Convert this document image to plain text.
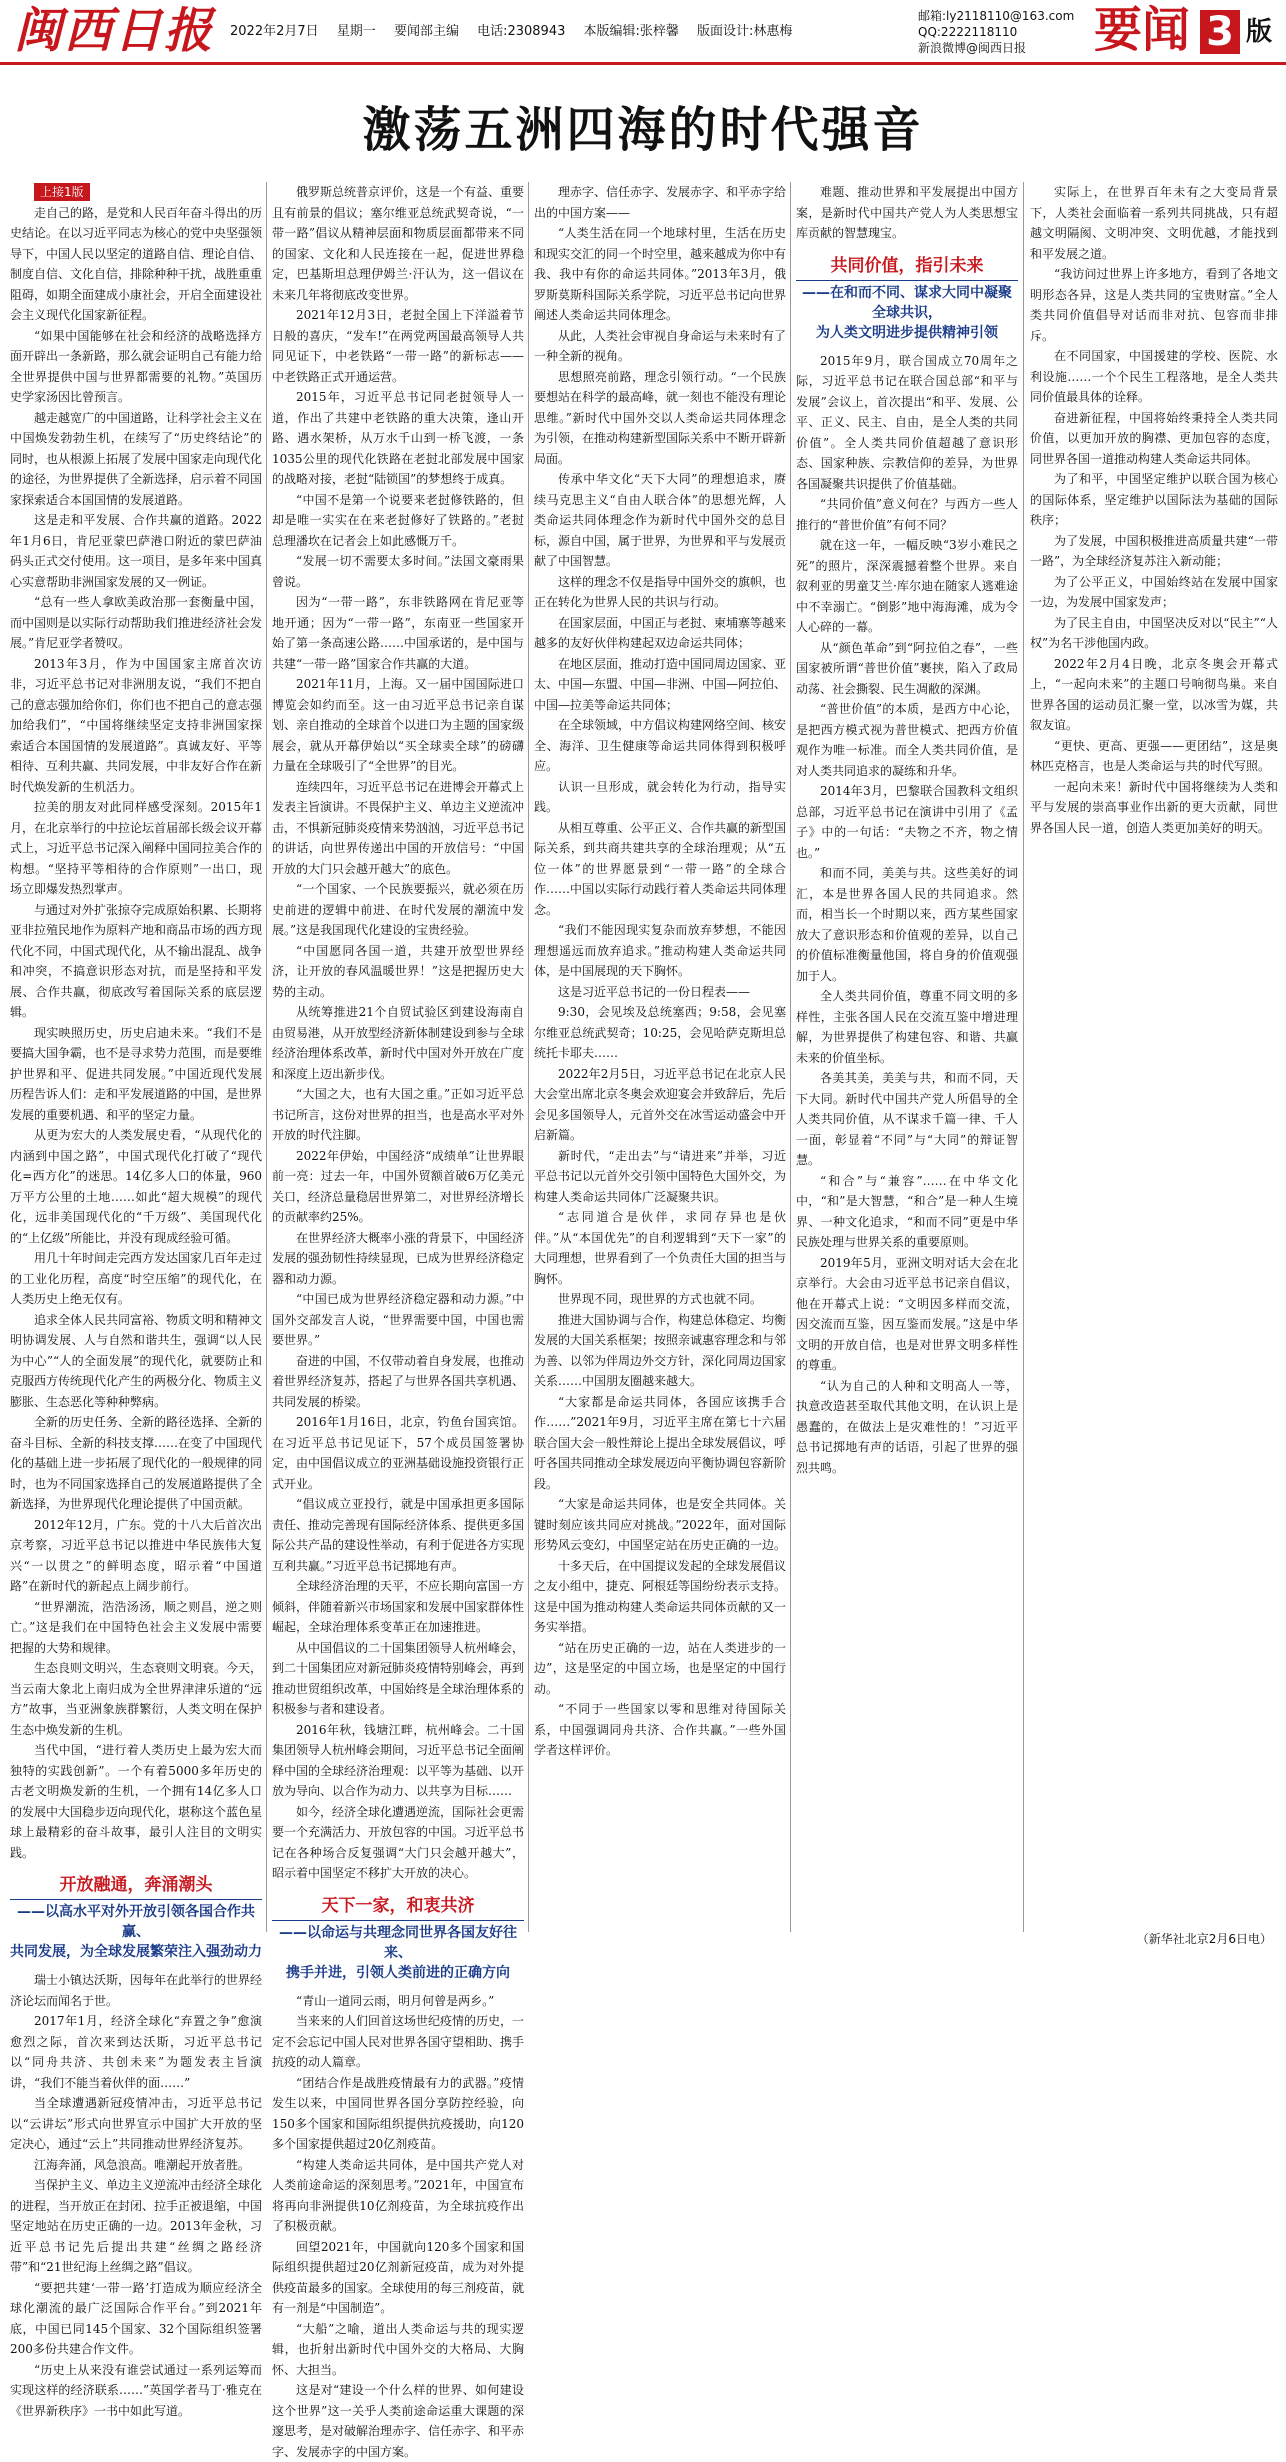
闽西日报 2022年2月7日 星期一 要闻部主编 电话:2308943 本版编辑:张梓馨 版面设计:林惠梅
邮箱:ly2118110@163.com
QQ:2222118110
新浪微博@闽西日报	要闻 3 版
激荡五洲四海的时代强音

上接1版

走自己的路，是党和人民百年奋斗得出的历史结论。在以习近平同志为核心的党中央坚强领导下，中国人民以坚定的道路自信、理论自信、制度自信、文化自信，排除种种干扰，战胜重重阻碍，如期全面建成小康社会，开启全面建设社会主义现代化国家新征程。

“如果中国能够在社会和经济的战略选择方面开辟出一条新路，那么就会证明自己有能力给全世界提供中国与世界都需要的礼物。”英国历史学家汤因比曾预言。

越走越宽广的中国道路，让科学社会主义在中国焕发勃勃生机，在续写了“历史终结论”的同时，也从根源上拓展了发展中国家走向现代化的途径，为世界提供了全新选择，启示着不同国家探索适合本国国情的发展道路。

这是走和平发展、合作共赢的道路。2022年1月6日，肯尼亚蒙巴萨港口附近的蒙巴萨油码头正式交付使用。这一项目，是多年来中国真心实意帮助非洲国家发展的又一例证。

“总有一些人拿欧美政治那一套衡量中国，而中国则是以实际行动帮助我们推进经济社会发展。”肯尼亚学者赞叹。

2013年3月，作为中国国家主席首次访非，习近平总书记对非洲朋友说，“我们不把自己的意志强加给你们，你们也不把自己的意志强加给我们”，“中国将继续坚定支持非洲国家探索适合本国国情的发展道路”。真诚友好、平等相待、互利共赢、共同发展，中非友好合作在新时代焕发新的生机活力。

拉美的朋友对此同样感受深刻。2015年1月，在北京举行的中拉论坛首届部长级会议开幕式上，习近平总书记深入阐释中国同拉美合作的构想。“坚持平等相待的合作原则”一出口，现场立即爆发热烈掌声。

与通过对外扩张掠夺完成原始积累、长期将亚非拉殖民地作为原料产地和商品市场的西方现代化不同，中国式现代化，从不输出混乱、战争和冲突，不搞意识形态对抗，而是坚持和平发展、合作共赢，彻底改写着国际关系的底层逻辑。

现实映照历史，历史启迪未来。“我们不是要搞大国争霸，也不是寻求势力范围，而是要维护世界和平、促进共同发展。”中国近现代发展历程告诉人们：走和平发展道路的中国，是世界发展的重要机遇、和平的坚定力量。

从更为宏大的人类发展史看，“从现代化的内涵到中国之路”，中国式现代化打破了“现代化=西方化”的迷思。14亿多人口的体量，960万平方公里的土地……如此“超大规模”的现代化，远非美国现代化的“千万级”、美国现代化的“上亿级”所能比，并没有现成经验可循。

用几十年时间走完西方发达国家几百年走过的工业化历程，高度“时空压缩”的现代化，在人类历史上绝无仅有。

追求全体人民共同富裕、物质文明和精神文明协调发展、人与自然和谐共生，强调“以人民为中心”“人的全面发展”的现代化，就要防止和克服西方传统现代化产生的两极分化、物质主义膨胀、生态恶化等种种弊病。

全新的历史任务、全新的路径选择、全新的奋斗目标、全新的科技支撑……在变了中国现代化的基础上进一步拓展了现代化的一般规律的同时，也为不同国家选择自己的发展道路提供了全新选择，为世界现代化理论提供了中国贡献。

2012年12月，广东。党的十八大后首次出京考察，习近平总书记以推进中华民族伟大复兴“一以贯之”的鲜明态度，昭示着“中国道路”在新时代的新起点上阔步前行。

“世界潮流，浩浩汤汤，顺之则昌，逆之则亡。”这是我们在中国特色社会主义发展中需要把握的大势和规律。

生态良则文明兴，生态衰则文明衰。今天，当云南大象北上南归成为全世界津津乐道的“远方”故事，当亚洲象族群繁衍，人类文明在保护生态中焕发新的生机。

当代中国，“进行着人类历史上最为宏大而独特的实践创新”。一个有着5000多年历史的古老文明焕发新的生机，一个拥有14亿多人口的发展中大国稳步迈向现代化，堪称这个蓝色星球上最精彩的奋斗故事，最引人注目的文明实践。

开放融通，奔涌潮头
——以高水平对外开放引领各国合作共赢、
共同发展，为全球发展繁荣注入强劲动力

瑞士小镇达沃斯，因每年在此举行的世界经济论坛而闻名于世。

2017年1月，经济全球化“弃置之争”愈演愈烈之际，首次来到达沃斯，习近平总书记以“同舟共济、共创未来”为题发表主旨演讲，“我们不能当着伙伴的面……”

当全球遭遇新冠疫情冲击，习近平总书记以“云讲坛”形式向世界宣示中国扩大开放的坚定决心，通过“云上”共同推动世界经济复苏。

江海奔涌，风急浪高。唯潮起开放者胜。

当保护主义、单边主义逆流冲击经济全球化的进程，当开放正在封闭、拉手正被退缩，中国坚定地站在历史正确的一边。2013年金秋，习近平总书记先后提出共建“丝绸之路经济带”和“21世纪海上丝绸之路”倡议。

“要把共建‘一带一路’打造成为顺应经济全球化潮流的最广泛国际合作平台。”到2021年底，中国已同145个国家、32个国际组织签署200多份共建合作文件。

“历史上从来没有谁尝试通过一系列运筹而实现这样的经济联系……”英国学者马丁·雅克在《世界新秩序》一书中如此写道。

俄罗斯总统普京评价，这是一个有益、重要且有前景的倡议；塞尔维亚总统武契奇说，“一带一路”倡议从精神层面和物质层面都带来不同的国家、文化和人民连接在一起，促进世界稳定，巴基斯坦总理伊姆兰·汗认为，这一倡议在未来几年将彻底改变世界。

2021年12月3日，老挝全国上下洋溢着节日般的喜庆，“发车!”在两党两国最高领导人共同见证下，中老铁路“一带一路”的新标志——中老铁路正式开通运营。

2015年，习近平总书记同老挝领导人一道，作出了共建中老铁路的重大决策，逢山开路、遇水架桥，从万水千山到一桥飞渡，一条1035公里的现代化铁路在老挝北部发展中国家的战略对接，老挝“陆锁国”的梦想终于成真。

“中国不是第一个说要来老挝修铁路的，但却是唯一实实在在来老挝修好了铁路的。”老挝总理潘坎在记者会上如此感慨万千。

“发展一切不需要太多时间。”法国文豪雨果曾说。

因为“一带一路”，东非铁路网在肯尼亚等地开通；因为“一带一路”，东南亚一些国家开始了第一条高速公路……中国承诺的，是中国与共建“一带一路”国家合作共赢的大道。

2021年11月，上海。又一届中国国际进口博览会如约而至。这一由习近平总书记亲自谋划、亲自推动的全球首个以进口为主题的国家级展会，就从开幕伊始以“买全球卖全球”的磅礴力量在全球吸引了“全世界”的目光。

连续四年，习近平总书记在进博会开幕式上发表主旨演讲。不畏保护主义、单边主义逆流冲击，不惧新冠肺炎疫情来势汹汹，习近平总书记的讲话，向世界传递出中国的开放信号：“中国开放的大门只会越开越大”的底色。

“一个国家、一个民族要振兴，就必须在历史前进的逻辑中前进、在时代发展的潮流中发展。”这是我国现代化建设的宝贵经验。

“中国愿同各国一道，共建开放型世界经济，让开放的春风温暖世界！”这是把握历史大势的主动。

从统筹推进21个自贸试验区到建设海南自由贸易港，从开放型经济新体制建设到参与全球经济治理体系改革，新时代中国对外开放在广度和深度上迈出新步伐。

“大国之大，也有大国之重。”正如习近平总书记所言，这份对世界的担当，也是高水平对外开放的时代注脚。

2022年伊始，中国经济“成绩单”让世界眼前一亮：过去一年，中国外贸额首破6万亿美元关口，经济总量稳居世界第二，对世界经济增长的贡献率约25%。

在世界经济大概率小涨的背景下，中国经济发展的强劲韧性持续显现，已成为世界经济稳定器和动力源。

“中国已成为世界经济稳定器和动力源。”中国外交部发言人说，“世界需要中国，中国也需要世界。”

奋进的中国，不仅带动着自身发展，也推动着世界经济复苏，搭起了与世界各国共享机遇、共同发展的桥梁。

2016年1月16日，北京，钓鱼台国宾馆。在习近平总书记见证下，57个成员国签署协定，由中国倡议成立的亚洲基础设施投资银行正式开业。

“倡议成立亚投行，就是中国承担更多国际责任、推动完善现有国际经济体系、提供更多国际公共产品的建设性举动，有利于促进各方实现互利共赢。”习近平总书记掷地有声。

全球经济治理的天平，不应长期向富国一方倾斜，伴随着新兴市场国家和发展中国家群体性崛起，全球治理体系变革正在加速推进。

从中国倡议的二十国集团领导人杭州峰会，到二十国集团应对新冠肺炎疫情特别峰会，再到推动世贸组织改革，中国始终是全球治理体系的积极参与者和建设者。

2016年秋，钱塘江畔，杭州峰会。二十国集团领导人杭州峰会期间，习近平总书记全面阐释中国的全球经济治理观：以平等为基础、以开放为导向、以合作为动力、以共享为目标……

如今，经济全球化遭遇逆流，国际社会更需要一个充满活力、开放包容的中国。习近平总书记在各种场合反复强调“大门只会越开越大”，昭示着中国坚定不移扩大开放的决心。

天下一家，和衷共济
——以命运与共理念同世界各国友好往来、
携手并进，引领人类前进的正确方向

“青山一道同云雨，明月何曾是两乡。”

当来来的人们回首这场世纪疫情的历史，一定不会忘记中国人民对世界各国守望相助、携手抗疫的动人篇章。

“团结合作是战胜疫情最有力的武器。”疫情发生以来，中国同世界各国分享防控经验，向150多个国家和国际组织提供抗疫援助，向120多个国家提供超过20亿剂疫苗。

“构建人类命运共同体，是中国共产党人对人类前途命运的深刻思考。”2021年，中国宣布将再向非洲提供10亿剂疫苗，为全球抗疫作出了积极贡献。

回望2021年，中国就向120多个国家和国际组织提供超过20亿剂新冠疫苗，成为对外提供疫苗最多的国家。全球使用的每三剂疫苗，就有一剂是“中国制造”。

“大船”之喻，道出人类命运与共的现实逻辑，也折射出新时代中国外交的大格局、大胸怀、大担当。

这是对“建设一个什么样的世界、如何建设这个世界”这一关乎人类前途命运重大课题的深邃思考，是对破解治理赤字、信任赤字、和平赤字、发展赤字的中国方案。

理赤字、信任赤字、发展赤字、和平赤字给出的中国方案——

“人类生活在同一个地球村里，生活在历史和现实交汇的同一个时空里，越来越成为你中有我、我中有你的命运共同体。”2013年3月，俄罗斯莫斯科国际关系学院，习近平总书记向世界阐述人类命运共同体理念。

从此，人类社会审视自身命运与未来时有了一种全新的视角。

思想照亮前路，理念引领行动。“一个民族要想站在科学的最高峰，就一刻也不能没有理论思维。”新时代中国外交以人类命运共同体理念为引领，在推动构建新型国际关系中不断开辟新局面。

传承中华文化“天下大同”的理想追求，赓续马克思主义“自由人联合体”的思想光辉，人类命运共同体理念作为新时代中国外交的总目标，源自中国，属于世界，为世界和平与发展贡献了中国智慧。

这样的理念不仅是指导中国外交的旗帜，也正在转化为世界人民的共识与行动。

在国家层面，中国正与老挝、柬埔寨等越来越多的友好伙伴构建起双边命运共同体；

在地区层面，推动打造中国同周边国家、亚太、中国—东盟、中国—非洲、中国—阿拉伯、中国—拉美等命运共同体；

在全球领域，中方倡议构建网络空间、核安全、海洋、卫生健康等命运共同体得到积极呼应。

认识一旦形成，就会转化为行动，指导实践。

从相互尊重、公平正义、合作共赢的新型国际关系，到共商共建共享的全球治理观；从“五位一体”的世界愿景到“一带一路”的全球合作……中国以实际行动践行着人类命运共同体理念。

“我们不能因现实复杂而放弃梦想，不能因理想遥远而放弃追求。”推动构建人类命运共同体，是中国展现的天下胸怀。

这是习近平总书记的一份日程表——

9:30，会见埃及总统塞西；9:58，会见塞尔维亚总统武契奇；10:25，会见哈萨克斯坦总统托卡耶夫……

2022年2月5日，习近平总书记在北京人民大会堂出席北京冬奥会欢迎宴会并致辞后，先后会见多国领导人，元首外交在冰雪运动盛会中开启新篇。

新时代，“走出去”与“请进来”并举，习近平总书记以元首外交引领中国特色大国外交，为构建人类命运共同体广泛凝聚共识。

“志同道合是伙伴，求同存异也是伙伴。”从“本国优先”的自利逻辑到“天下一家”的大同理想，世界看到了一个负责任大国的担当与胸怀。

世界现不同，现世界的方式也就不同。

推进大国协调与合作，构建总体稳定、均衡发展的大国关系框架；按照亲诚惠容理念和与邻为善、以邻为伴周边外交方针，深化同周边国家关系……中国朋友圈越来越大。

“大家都是命运共同体，各国应该携手合作……”2021年9月，习近平主席在第七十六届联合国大会一般性辩论上提出全球发展倡议，呼吁各国共同推动全球发展迈向平衡协调包容新阶段。

“大家是命运共同体，也是安全共同体。关键时刻应该共同应对挑战。”2022年，面对国际形势风云变幻，中国坚定站在历史正确的一边。

十多天后，在中国提议发起的全球发展倡议之友小组中，捷克、阿根廷等国纷纷表示支持。这是中国为推动构建人类命运共同体贡献的又一务实举措。

“站在历史正确的一边，站在人类进步的一边”，这是坚定的中国立场，也是坚定的中国行动。

“不同于一些国家以零和思维对待国际关系，中国强调同舟共济、合作共赢。”一些外国学者这样评价。

难题、推动世界和平发展提出中国方案，是新时代中国共产党人为人类思想宝库贡献的智慧瑰宝。

共同价值，指引未来
——在和而不同、谋求大同中凝聚全球共识，
为人类文明进步提供精神引领

2015年9月，联合国成立70周年之际，习近平总书记在联合国总部“和平与发展”会议上，首次提出“和平、发展、公平、正义、民主、自由，是全人类的共同价值”。全人类共同价值超越了意识形态、国家种族、宗教信仰的差异，为世界各国凝聚共识提供了价值基础。

“共同价值”意义何在？与西方一些人推行的“普世价值”有何不同？

就在这一年，一幅反映“3岁小难民之死”的照片，深深震撼着整个世界。来自叙利亚的男童艾兰·库尔迪在随家人逃难途中不幸溺亡。“倒影”地中海海滩，成为令人心碎的一幕。

从“颜色革命”到“阿拉伯之春”，一些国家被所谓“普世价值”裹挟，陷入了政局动荡、社会撕裂、民生凋敝的深渊。

“普世价值”的本质，是西方中心论，是把西方模式视为普世模式、把西方价值观作为唯一标准。而全人类共同价值，是对人类共同追求的凝练和升华。

2014年3月，巴黎联合国教科文组织总部，习近平总书记在演讲中引用了《孟子》中的一句话：“夫物之不齐，物之情也。”

和而不同，美美与共。这些美好的词汇，本是世界各国人民的共同追求。然而，相当长一个时期以来，西方某些国家放大了意识形态和价值观的差异，以自己的价值标准衡量他国，将自身的价值观强加于人。

全人类共同价值，尊重不同文明的多样性，主张各国人民在交流互鉴中增进理解，为世界提供了构建包容、和谐、共赢未来的价值坐标。

各美其美，美美与共，和而不同，天下大同。新时代中国共产党人所倡导的全人类共同价值，从不谋求千篇一律、千人一面，彰显着“不同”与“大同”的辩证智慧。

“和合”与“兼容”……在中华文化中，“和”是大智慧，“和合”是一种人生境界、一种文化追求，“和而不同”更是中华民族处理与世界关系的重要原则。

2019年5月，亚洲文明对话大会在北京举行。大会由习近平总书记亲自倡议，他在开幕式上说：“文明因多样而交流，因交流而互鉴，因互鉴而发展。”这是中华文明的开放自信，也是对世界文明多样性的尊重。

“认为自己的人种和文明高人一等，执意改造甚至取代其他文明，在认识上是愚蠢的，在做法上是灾难性的！”习近平总书记掷地有声的话语，引起了世界的强烈共鸣。

实际上，在世界百年未有之大变局背景下，人类社会面临着一系列共同挑战，只有超越文明隔阂、文明冲突、文明优越，才能找到和平发展之道。

“我访问过世界上许多地方，看到了各地文明形态各异，这是人类共同的宝贵财富。”全人类共同价值倡导对话而非对抗、包容而非排斥。

在不同国家，中国援建的学校、医院、水利设施……一个个民生工程落地，是全人类共同价值最具体的诠释。

奋进新征程，中国将始终秉持全人类共同价值，以更加开放的胸襟、更加包容的态度，同世界各国一道推动构建人类命运共同体。

为了和平，中国坚定维护以联合国为核心的国际体系，坚定维护以国际法为基础的国际秩序；

为了发展，中国积极推进高质量共建“一带一路”，为全球经济复苏注入新动能；

为了公平正义，中国始终站在发展中国家一边，为发展中国家发声；

为了民主自由，中国坚决反对以“民主”“人权”为名干涉他国内政。

2022年2月4日晚，北京冬奥会开幕式上，“一起向未来”的主题口号响彻鸟巢。来自世界各国的运动员汇聚一堂，以冰雪为媒，共叙友谊。

“更快、更高、更强——更团结”，这是奥林匹克格言，也是人类命运与共的时代写照。

一起向未来！新时代中国将继续为人类和平与发展的崇高事业作出新的更大贡献，同世界各国人民一道，创造人类更加美好的明天。

（新华社北京2月6日电）
